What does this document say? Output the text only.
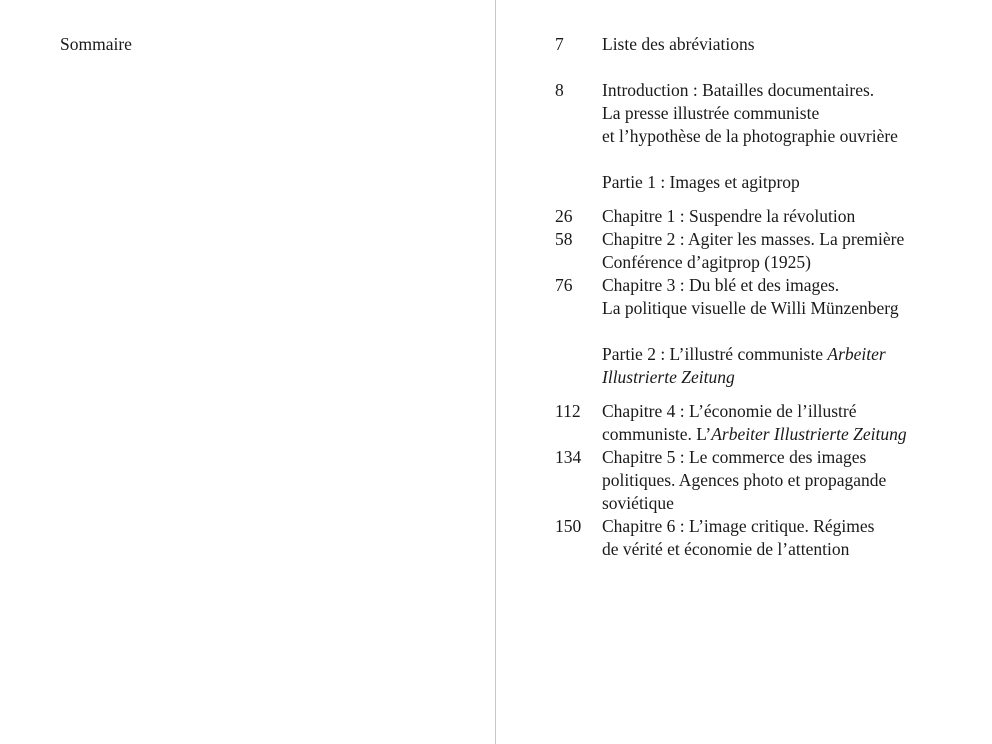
Sommaire	7	Liste des abréviations
8	Introduction : Batailles documentaires.
La presse illustrée communiste
et l’hypothèse de la photographie ouvrière
Partie 1 : Images et agitprop
26	Chapitre 1 : Suspendre la révolution
58	Chapitre 2 : Agiter les masses. La première
Conférence d’agitprop (1925)
76	Chapitre 3 : Du blé et des images.
La politique visuelle de Willi Münzenberg
Partie 2 : L’illustré communiste Arbeiter
Illustrierte Zeitung
112	Chapitre 4 : L’économie de l’illustré
communiste. L’Arbeiter Illustrierte Zeitung
134	Chapitre 5 : Le commerce des images
politiques. Agences photo et propagande
soviétique
150	Chapitre 6 : L’image critique. Régimes
de vérité et économie de l’attention
